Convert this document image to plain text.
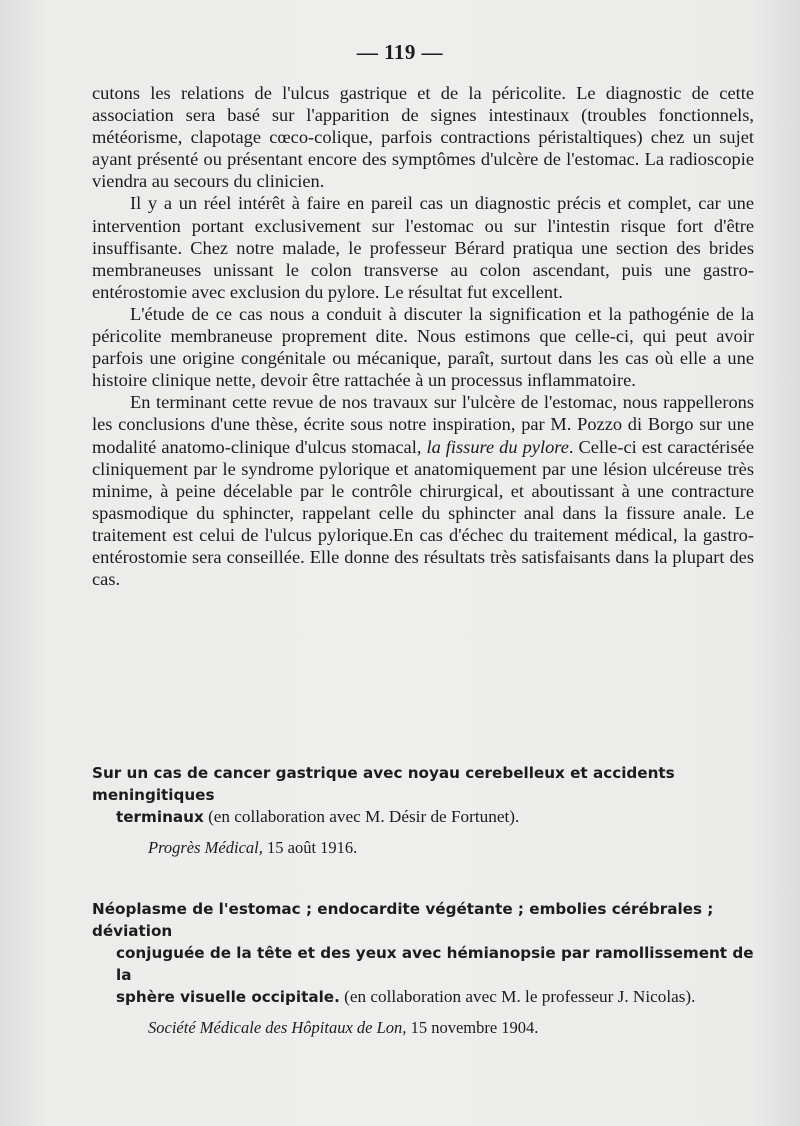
— 119 —

cutons les relations de l'ulcus gastrique et de la péricolite. Le diagnostic de cette association sera basé sur l'apparition de signes intestinaux (troubles fonctionnels, météorisme, clapotage cœco-colique, parfois contractions péristaltiques) chez un sujet ayant présenté ou présentant encore des symptômes d'ulcère de l'estomac. La radioscopie viendra au secours du clinicien.

Il y a un réel intérêt à faire en pareil cas un diagnostic précis et complet, car une intervention portant exclusivement sur l'estomac ou sur l'intestin risque fort d'être insuffisante. Chez notre malade, le professeur Bérard pratiqua une section des brides membraneuses unissant le colon transverse au colon ascendant, puis une gastro-entérostomie avec exclusion du pylore. Le résultat fut excellent.

L'étude de ce cas nous a conduit à discuter la signification et la pathogénie de la péricolite membraneuse proprement dite. Nous estimons que celle-ci, qui peut avoir parfois une origine congénitale ou mécanique, paraît, surtout dans les cas où elle a une histoire clinique nette, devoir être rattachée à un processus inflammatoire.

En terminant cette revue de nos travaux sur l'ulcère de l'estomac, nous rappellerons les conclusions d'une thèse, écrite sous notre inspiration, par M. Pozzo di Borgo sur une modalité anatomo-clinique d'ulcus stomacal, la fissure du pylore. Celle-ci est caractérisée cliniquement par le syndrome pylorique et anatomiquement par une lésion ulcéreuse très minime, à peine décelable par le contrôle chirurgical, et aboutissant à une contracture spasmodique du sphincter, rappelant celle du sphincter anal dans la fissure anale. Le traitement est celui de l'ulcus pylorique.En cas d'échec du traitement médical, la gastro-entérostomie sera conseillée. Elle donne des résultats très satisfaisants dans la plupart des cas.

Sur un cas de cancer gastrique avec noyau cerebelleux et accidents meningitiques
terminaux (en collaboration avec M. Désir de Fortunet).
Progrès Médical, 15 août 1916.
Néoplasme de l'estomac ; endocardite végétante ; embolies cérébrales ; déviation
conjuguée de la tête et des yeux avec hémianopsie par ramollissement de la
sphère visuelle occipitale. (en collaboration avec M. le professeur J. Nicolas).
Société Médicale des Hôpitaux de Lon, 15 novembre 1904.
